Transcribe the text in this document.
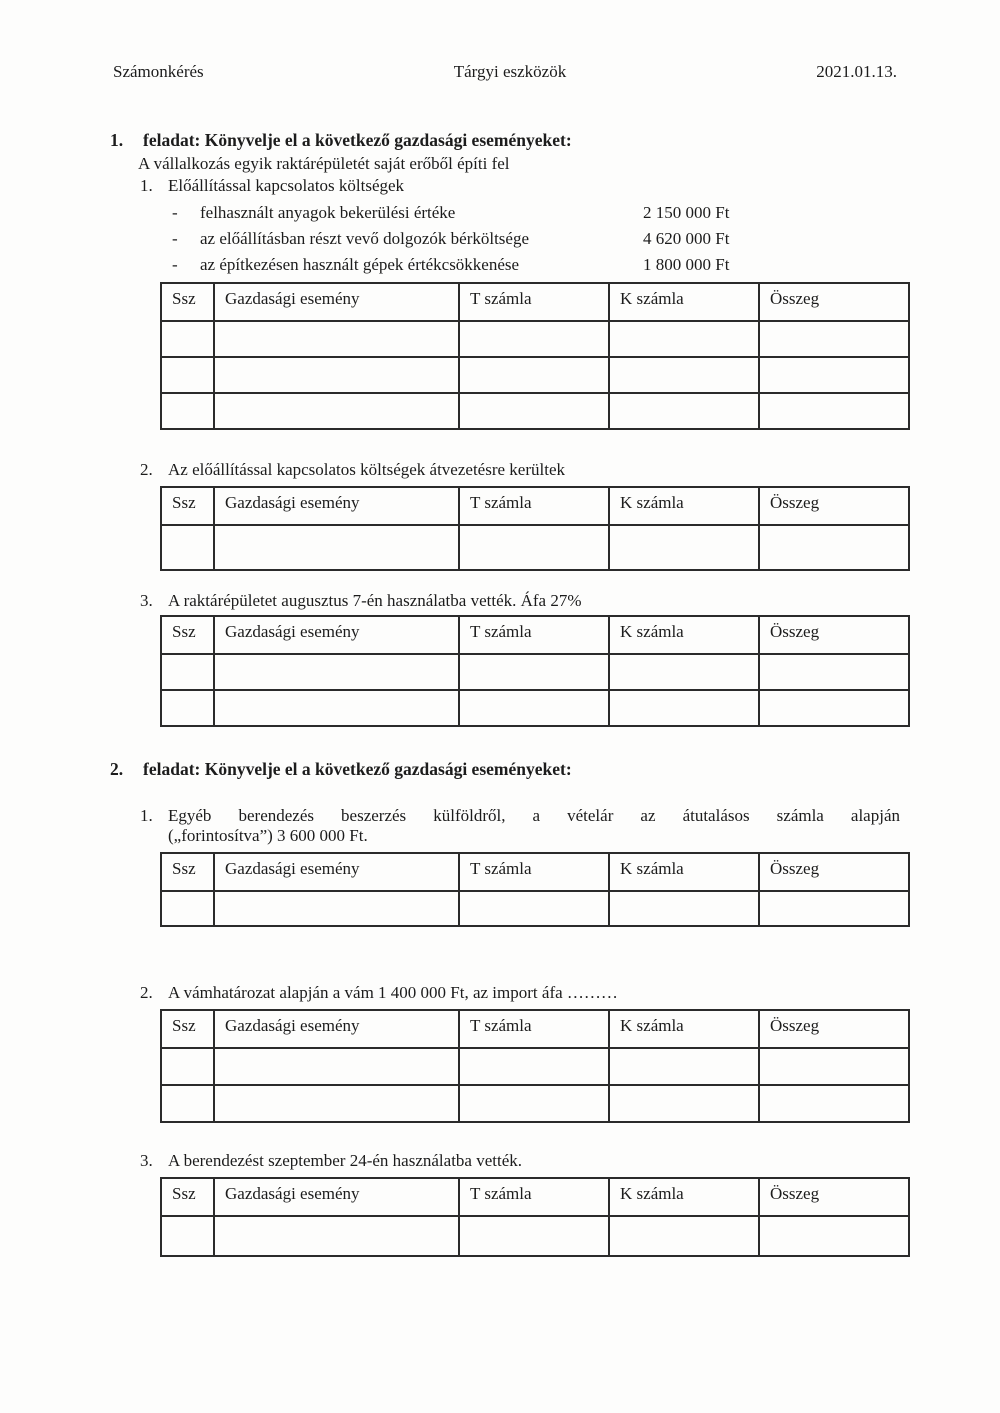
Számonkérés	Tárgyi eszközök	2021.01.13.
1.	feladat: Könyvelje el a következő gazdasági eseményeket:
A vállalkozás egyik raktárépületét saját erőből építi fel
1. Előállítással kapcsolatos költségek
-	felhasznált anyagok bekerülési értéke	2 150 000 Ft
-	az előállításban részt vevő dolgozók bérköltsége	4 620 000 Ft
-	az építkezésen használt gépek értékcsökkenése	1 800 000 Ft
Ssz	Gazdasági esemény	T számla	K számla	Összeg

2. Az előállítással kapcsolatos költségek átvezetésre kerültek
Ssz	Gazdasági esemény	T számla	K számla	Összeg

3. A raktárépületet augusztus 7-én használatba vették. Áfa 27%
Ssz	Gazdasági esemény	T számla	K számla	Összeg

2.	feladat: Könyvelje el a következő gazdasági eseményeket:
1. Egyéb berendezés beszerzés külföldről, a vételár az átutalásos számla alapján
(„forintosítva”) 3 600 000 Ft.
Ssz	Gazdasági esemény	T számla	K számla	Összeg

2. A vámhatározat alapján a vám 1 400 000 Ft, az import áfa ………
Ssz	Gazdasági esemény	T számla	K számla	Összeg

3. A berendezést szeptember 24-én használatba vették.
Ssz	Gazdasági esemény	T számla	K számla	Összeg
